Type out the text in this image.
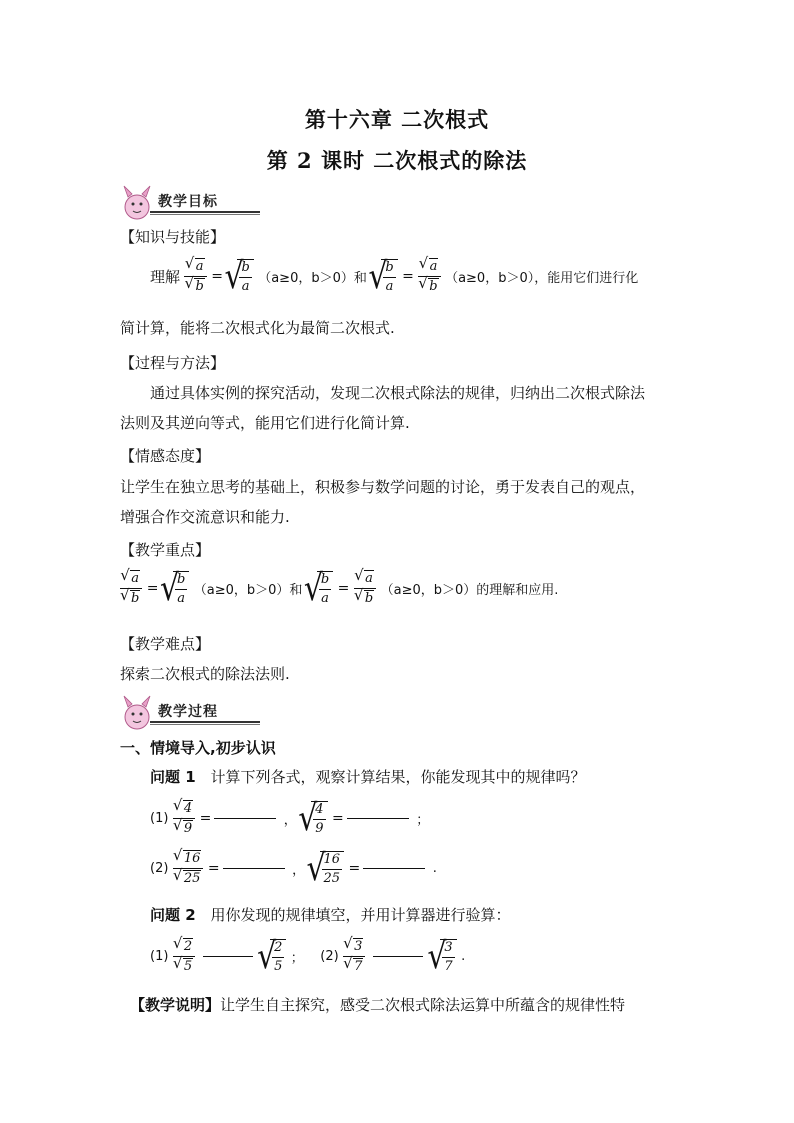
第十六章 二次根式
第 2 课时 二次根式的除法
教学目标
【知识与技能】
理解 √ a
√ b = √ $\frac{b}{a} (a\ge 0$，b＞0）和 √ $\frac{b}{a}$ = √ a
√ b （a≥0，b＞0），能用它们进行化
简计算，能将二次根式化为最简二次根式.
【过程与方法】
通过具体实例的探究活动，发现二次根式除法的规律，归纳出二次根式除法
法则及其逆向等式，能用它们进行化简计算.
【情感态度】
让学生在独立思考的基础上，积极参与数学问题的讨论，勇于发表自己的观点，
增强合作交流意识和能力.
【教学重点】
√ a
√ b = √ $\frac{b}{a} (a\ge 0$，b＞0）和 √ $\frac{b}{a}$ = √ a
√ b （a≥0，b＞0）的理解和应用.
【教学难点】
探索二次根式的除法法则.
教学过程
一、情境导入,初步认识
问题 1 计算下列各式，观察计算结果，你能发现其中的规律吗？
(1) √ 4
√ 9 =	， √ $\frac{4}{9}$ =	；
(2) √ 16
√ 25 =	， √ $\frac{16}{25}$ =	.
问题 2 用你发现的规律填空，并用计算器进行验算：
(1) √ 2
√ 5
	√ $\frac{2}{5}$ ； (2) √ 3
√ 7
	√ $\frac{3}{7}$ .
【教学说明】让学生自主探究，感受二次根式除法运算中所蕴含的规律性特
